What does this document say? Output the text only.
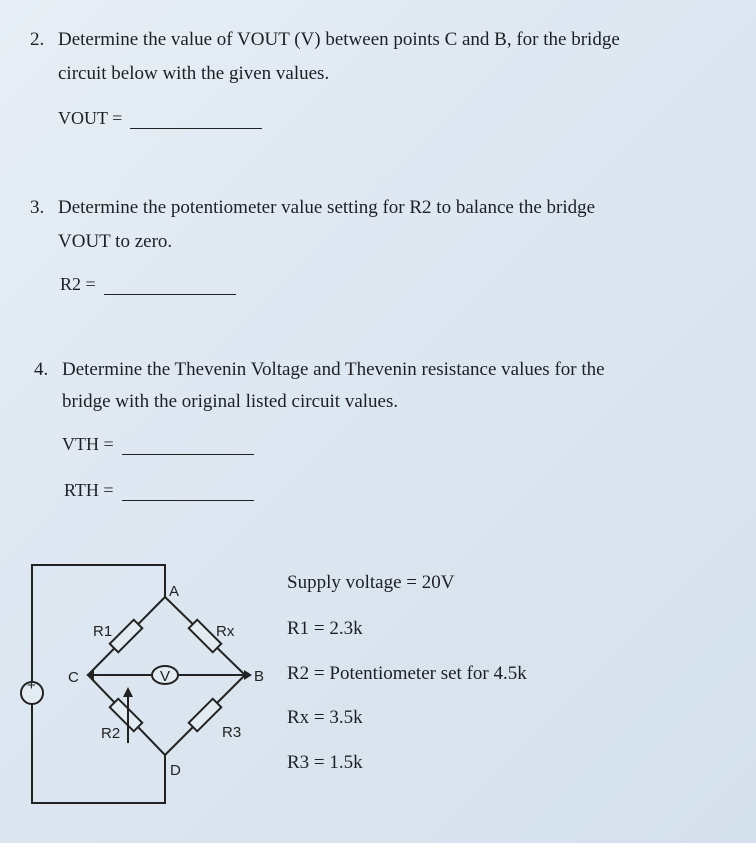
2. Determine the value of VOUT (V) between points C and B, for the bridge
circuit below with the given values.
VOUT =
3. Determine the potentiometer value setting for R2 to balance the bridge
VOUT to zero.
R2 =
4. Determine the Thevenin Voltage and Thevenin resistance values for the
bridge with the original listed circuit values.
VTH =
RTH =
+
A
B
C
D
R1	Rx
R2	R3
V
Supply voltage = 20V
R1 = 2.3k
R2 = Potentiometer set for 4.5k
Rx = 3.5k
R3 = 1.5k
